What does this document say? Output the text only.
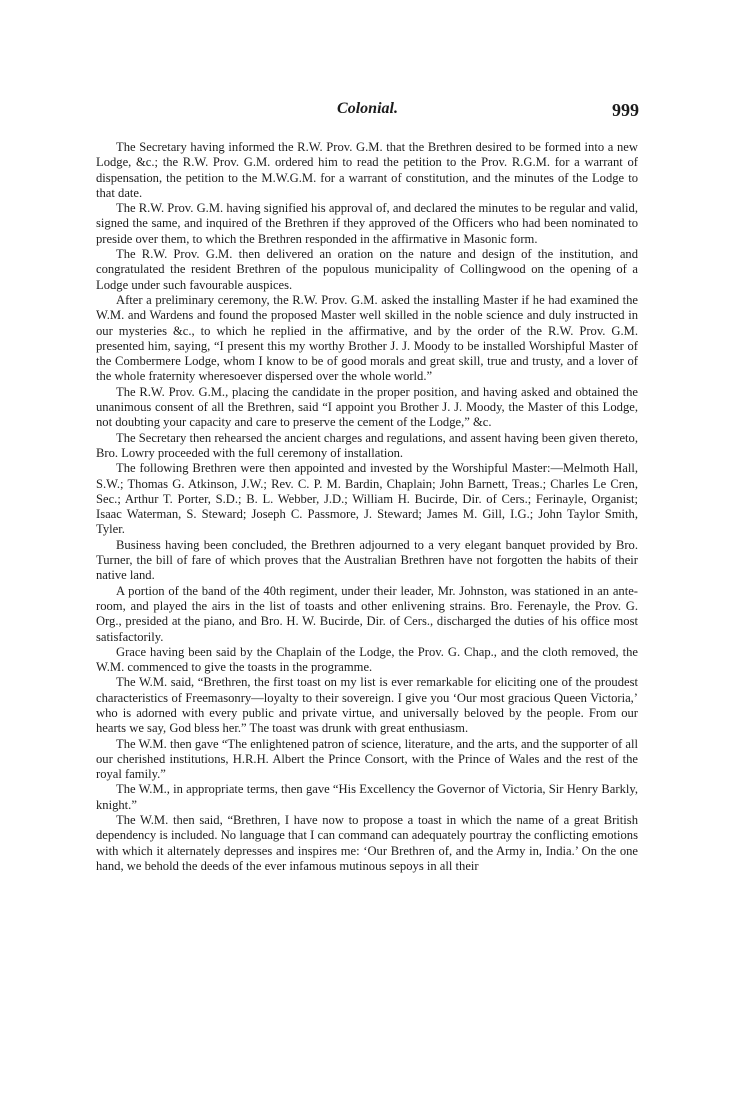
Colonial.	999

The Secretary having informed the R.W. Prov. G.M. that the Brethren desired to be formed into a new Lodge, &c.; the R.W. Prov. G.M. ordered him to read the petition to the Prov. R.G.M. for a warrant of dispensation, the petition to the M.W.G.M. for a warrant of constitution, and the minutes of the Lodge to that date.

The R.W. Prov. G.M. having signified his approval of, and declared the minutes to be regular and valid, signed the same, and inquired of the Brethren if they approved of the Officers who had been nominated to preside over them, to which the Brethren responded in the affirmative in Masonic form.

The R.W. Prov. G.M. then delivered an oration on the nature and design of the institution, and congratulated the resident Brethren of the populous municipality of Collingwood on the opening of a Lodge under such favourable auspices.

After a preliminary ceremony, the R.W. Prov. G.M. asked the installing Master if he had examined the W.M. and Wardens and found the proposed Master well skilled in the noble science and duly instructed in our mysteries &c., to which he replied in the affirmative, and by the order of the R.W. Prov. G.M. presented him, saying, “I present this my worthy Brother J. J. Moody to be installed Worshipful Master of the Combermere Lodge, whom I know to be of good morals and great skill, true and trusty, and a lover of the whole fraternity wheresoever dispersed over the whole world.”

The R.W. Prov. G.M., placing the candidate in the proper position, and having asked and obtained the unanimous consent of all the Brethren, said “I appoint you Brother J. J. Moody, the Master of this Lodge, not doubting your capacity and care to preserve the cement of the Lodge,” &c.

The Secretary then rehearsed the ancient charges and regulations, and assent having been given thereto, Bro. Lowry proceeded with the full ceremony of installation.

The following Brethren were then appointed and invested by the Worshipful Master:—Melmoth Hall, S.W.; Thomas G. Atkinson, J.W.; Rev. C. P. M. Bardin, Chaplain; John Barnett, Treas.; Charles Le Cren, Sec.; Arthur T. Porter, S.D.; B. L. Webber, J.D.; William H. Bucirde, Dir. of Cers.; Ferinayle, Organist; Isaac Waterman, S. Steward; Joseph C. Passmore, J. Steward; James M. Gill, I.G.; John Taylor Smith, Tyler.

Business having been concluded, the Brethren adjourned to a very elegant banquet provided by Bro. Turner, the bill of fare of which proves that the Australian Brethren have not forgotten the habits of their native land.

A portion of the band of the 40th regiment, under their leader, Mr. Johnston, was stationed in an ante-room, and played the airs in the list of toasts and other enlivening strains. Bro. Ferenayle, the Prov. G. Org., presided at the piano, and Bro. H. W. Bucirde, Dir. of Cers., discharged the duties of his office most satisfactorily.

Grace having been said by the Chaplain of the Lodge, the Prov. G. Chap., and the cloth removed, the W.M. commenced to give the toasts in the programme.

The W.M. said, “Brethren, the first toast on my list is ever remarkable for eliciting one of the proudest characteristics of Freemasonry—loyalty to their sovereign. I give you ‘Our most gracious Queen Victoria,’ who is adorned with every public and private virtue, and universally beloved by the people. From our hearts we say, God bless her.” The toast was drunk with great enthusiasm.

The W.M. then gave “The enlightened patron of science, literature, and the arts, and the supporter of all our cherished institutions, H.R.H. Albert the Prince Consort, with the Prince of Wales and the rest of the royal family.”

The W.M., in appropriate terms, then gave “His Excellency the Governor of Victoria, Sir Henry Barkly, knight.”

The W.M. then said, “Brethren, I have now to propose a toast in which the name of a great British dependency is included. No language that I can command can adequately pourtray the conflicting emotions with which it alternately depresses and inspires me: ‘Our Brethren of, and the Army in, India.’ On the one hand, we behold the deeds of the ever infamous mutinous sepoys in all their
